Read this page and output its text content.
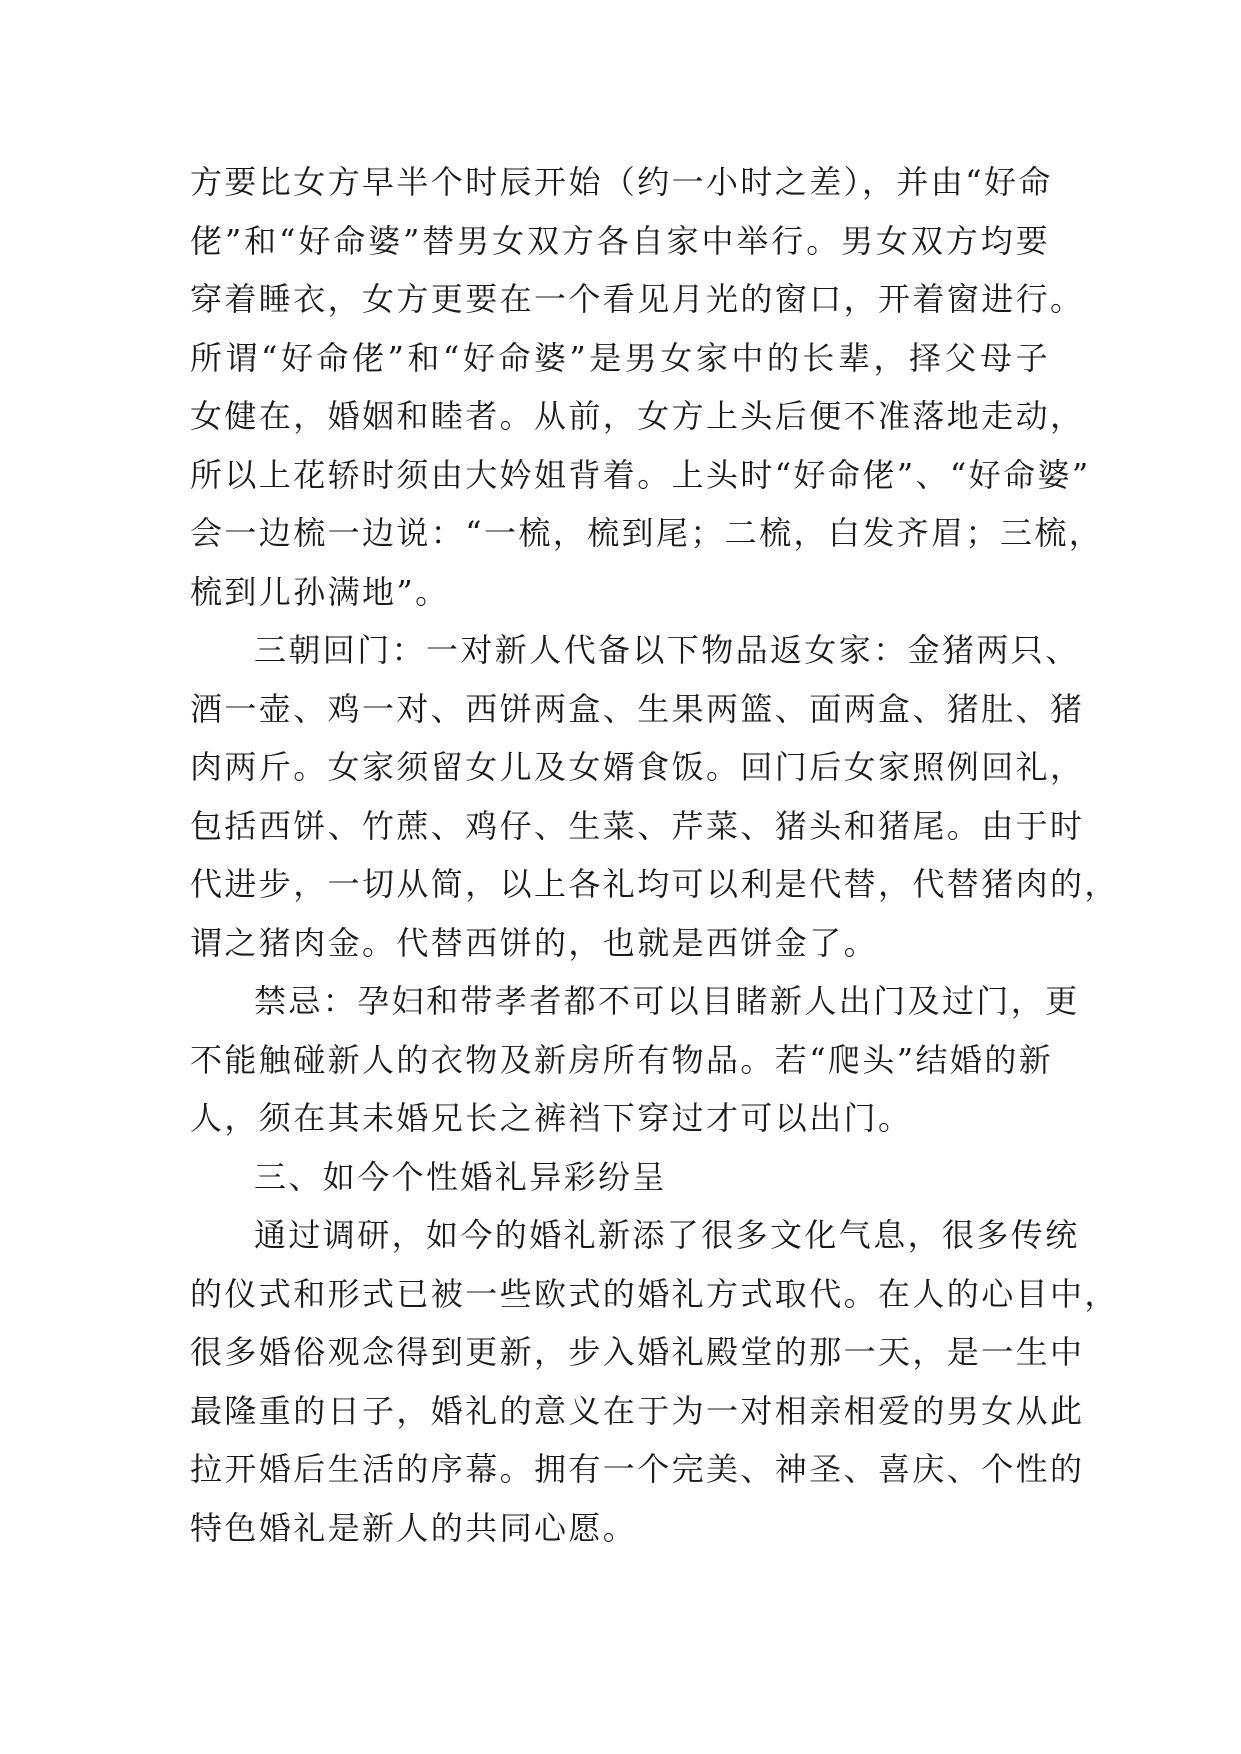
方要比女方早半个时辰开始（约一小时之差），并由“好命
佬”和“好命婆”替男女双方各自家中举行。男女双方均要
穿着睡衣，女方更要在一个看见月光的窗口，开着窗进行。
所谓“好命佬”和“好命婆”是男女家中的长辈，择父母子
女健在，婚姻和睦者。从前，女方上头后便不准落地走动，
所以上花轿时须由大妗姐背着。上头时“好命佬”、“好命婆”
会一边梳一边说：“一梳，梳到尾；二梳，白发齐眉；三梳，
梳到儿孙满地”。
三朝回门：一对新人代备以下物品返女家：金猪两只、
酒一壶、鸡一对、西饼两盒、生果两篮、面两盒、猪肚、猪
肉两斤。女家须留女儿及女婿食饭。回门后女家照例回礼，
包括西饼、竹蔗、鸡仔、生菜、芹菜、猪头和猪尾。由于时
代进步，一切从简，以上各礼均可以利是代替，代替猪肉的，
谓之猪肉金。代替西饼的，也就是西饼金了。
禁忌：孕妇和带孝者都不可以目睹新人出门及过门，更
不能触碰新人的衣物及新房所有物品。若“爬头”结婚的新
人，须在其未婚兄长之裤裆下穿过才可以出门。
三、如今个性婚礼异彩纷呈
通过调研，如今的婚礼新添了很多文化气息，很多传统
的仪式和形式已被一些欧式的婚礼方式取代。在人的心目中，
很多婚俗观念得到更新，步入婚礼殿堂的那一天，是一生中
最隆重的日子，婚礼的意义在于为一对相亲相爱的男女从此
拉开婚后生活的序幕。拥有一个完美、神圣、喜庆、个性的
特色婚礼是新人的共同心愿。
